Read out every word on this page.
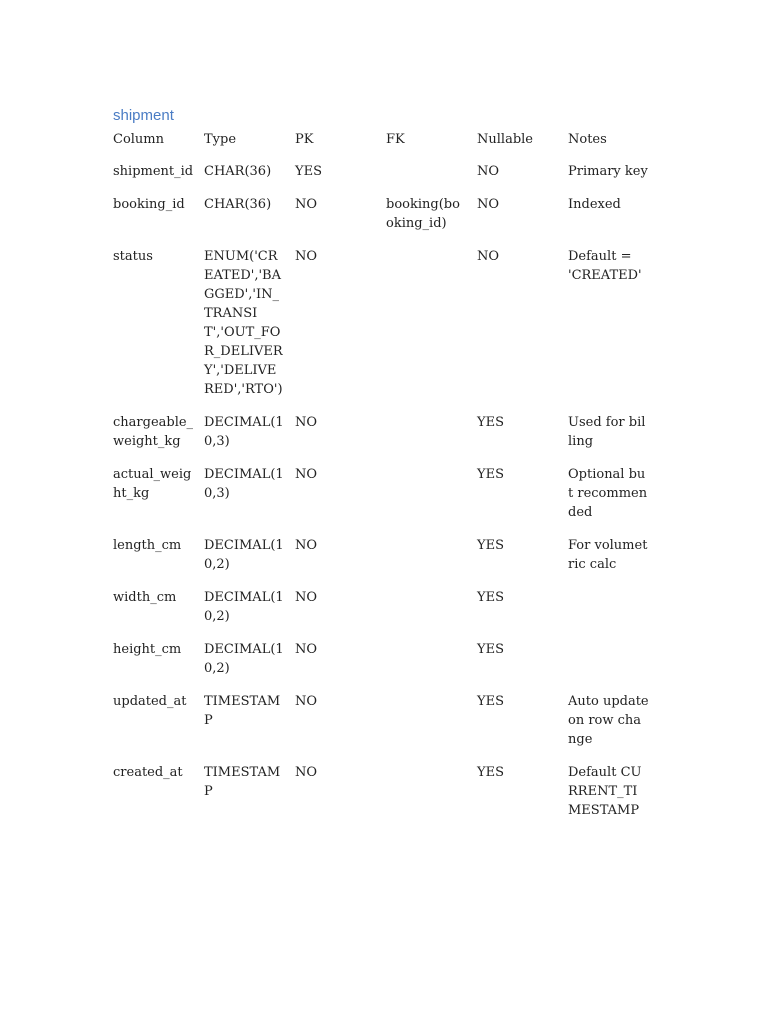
shipment
Column	Type	PK	FK	Nullable	Notes
shipment_id	CHAR(36)	YES		NO	Primary key
booking_id	CHAR(36)	NO	booking(booking_id)	NO	Indexed
status	ENUM('CREATED','BAGGED','IN_TRANSIT','OUT_FOR_DELIVERY','DELIVERED','RTO')	NO		NO	Default = 'CREATED'
chargeable_weight_kg	DECIMAL(10,3)	NO		YES	Used for billing
actual_weight_kg	DECIMAL(10,3)	NO		YES	Optional but recommended
length_cm	DECIMAL(10,2)	NO		YES	For volumetric calc
width_cm	DECIMAL(10,2)	NO		YES	
height_cm	DECIMAL(10,2)	NO		YES	
updated_at	TIMESTAMP	NO		YES	Auto update on row change
created_at	TIMESTAMP	NO		YES	Default CURRENT_TIMESTAMP
